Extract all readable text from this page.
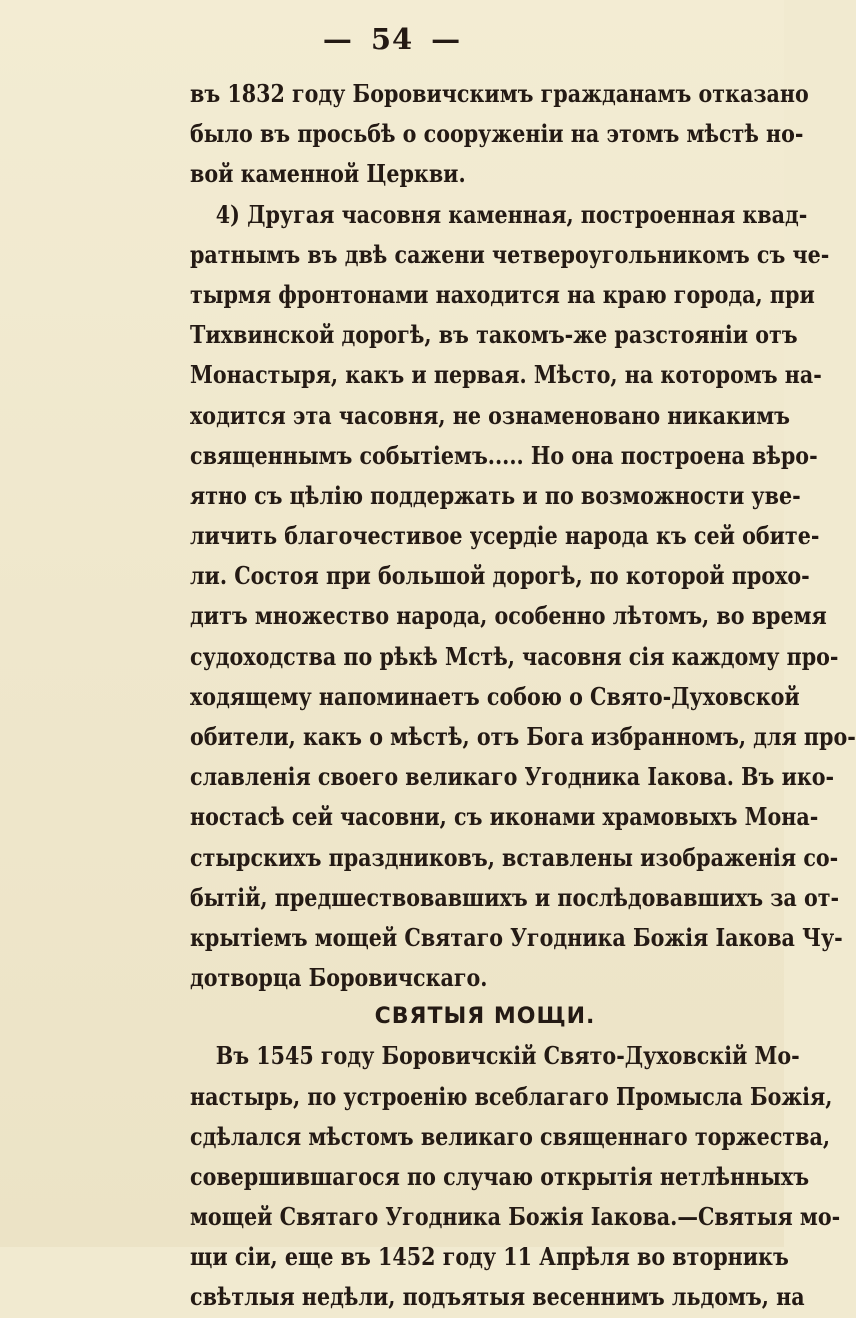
— 54 —
въ 1832 году Боровичскимъ гражданамъ отказано
было въ просьбѣ о сооруженіи на этомъ мѣстѣ но-
вой каменной Церкви.
4) Другая часовня каменная, построенная квад-
ратнымъ въ двѣ сажени четвероугольникомъ съ че-
тырмя фронтонами находится на краю города, при
Тихвинской дорогѣ, въ такомъ-же разстояніи отъ
Монастыря, какъ и первая. Мѣсто, на которомъ на-
ходится эта часовня, не ознаменовано никакимъ
священнымъ событіемъ..... Но она построена вѣро-
ятно съ цѣлію поддержать и по возможности уве-
личить благочестивое усердіе народа къ сей обите-
ли. Состоя при большой дорогѣ, по которой прохо-
дитъ множество народа, особенно лѣтомъ, во время
судоходства по рѣкѣ Мстѣ, часовня сія каждому про-
ходящему напоминаетъ собою о Свято-Духовской
обители, какъ о мѣстѣ, отъ Бога избранномъ, для про-
славленія своего великаго Угодника Іакова. Въ ико-
ностасѣ сей часовни, съ иконами храмовыхъ Мона-
стырскихъ праздниковъ, вставлены изображенія со-
бытій, предшествовавшихъ и послѣдовавшихъ за от-
крытіемъ мощей Святаго Угодника Божія Іакова Чу-
дотворца Боровичскаго.
СВЯТЫЯ МОЩИ.
Въ 1545 году Боровичскій Свято-Духовскій Мо-
настырь, по устроенію всеблагаго Промысла Божія,
сдѣлался мѣстомъ великаго священнаго торжества,
совершившагося по случаю открытія нетлѣнныхъ
мощей Святаго Угодника Божія Іакова.—Святыя мо-
щи сіи, еще въ 1452 году 11 Апрѣля во вторникъ
свѣтлыя недѣли, подъятыя весеннимъ льдомъ, на
